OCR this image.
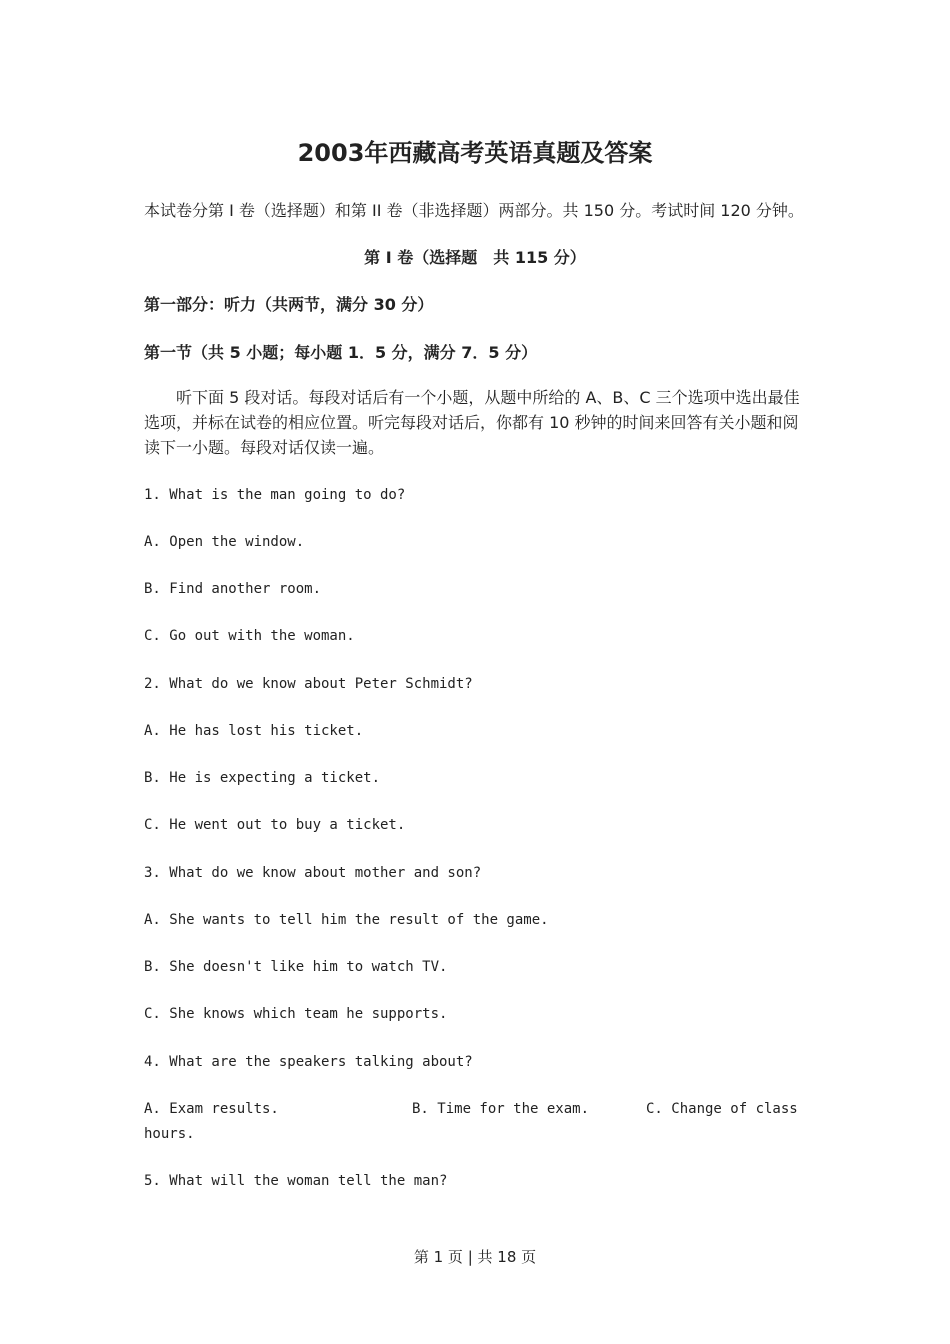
2003年西藏高考英语真题及答案
本试卷分第 I 卷（选择题）和第 II 卷（非选择题）两部分。共 150 分。考试时间 120 分钟。
第 I 卷（选择题　共 115 分）
第一部分：听力（共两节，满分 30 分）
第一节（共 5 小题；每小题 1．5 分，满分 7．5 分）
听下面 5 段对话。每段对话后有一个小题，从题中所给的 A、B、C 三个选项中选出最佳选项，并标在试卷的相应位置。听完每段对话后，你都有 10 秒钟的时间来回答有关小题和阅读下一小题。每段对话仅读一遍。
1. What is the man going to do?
A. Open the window.
B. Find another room.
C. Go out with the woman.
2. What do we know about Peter Schmidt?
A. He has lost his ticket.
B. He is expecting a ticket.
C. He went out to buy a ticket.
3. What do we know about mother and son?
A. She wants to tell him the result of the game.
B. She doesn't like him to watch TV.
C. She knows which team he supports.
4. What are the speakers talking about?
A. Exam results.	B. Time for the exam.	C. Change of class
hours.
5. What will the woman tell the man?
第 1 页 | 共 18 页
